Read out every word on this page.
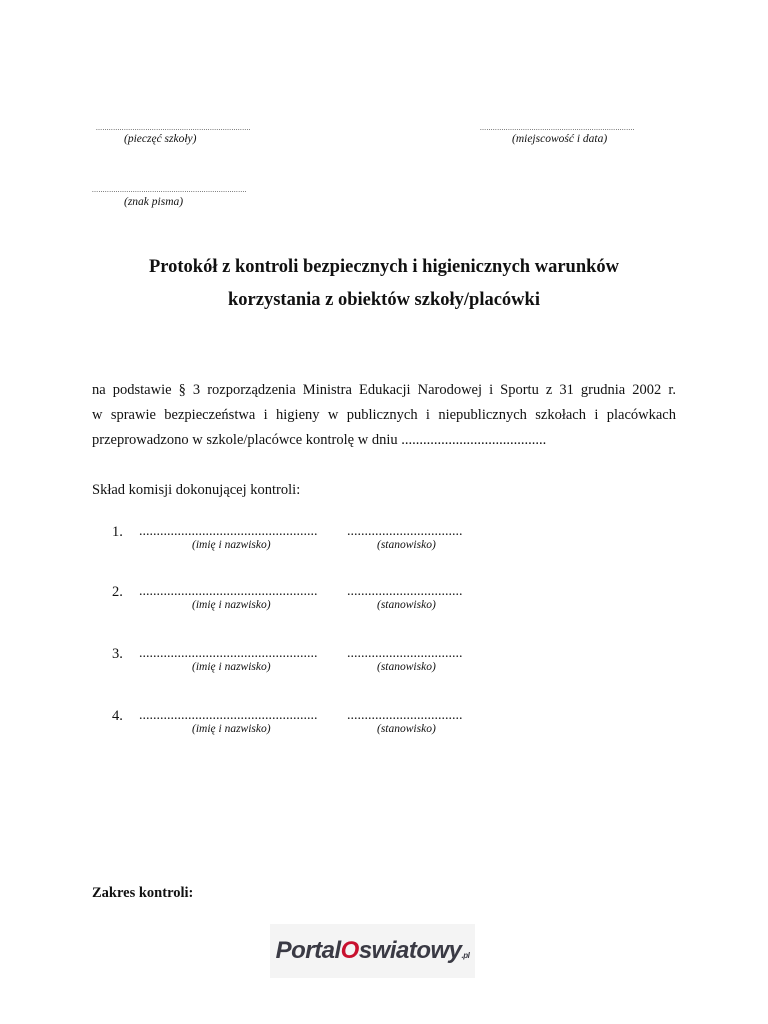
........................................................................
(pieczęć szkoły)
........................................................................
(miejscowość i data)
........................................................................
(znak pisma)
Protokół z kontroli bezpiecznych i higienicznych warunków
korzystania z obiektów szkoły/placówki
na podstawie § 3 rozporządzenia Ministra Edukacji Narodowej i Sportu z 31 grudnia 2002 r.
w sprawie bezpieczeństwa i higieny w publicznych i niepublicznych szkołach i placówkach
przeprowadzono w szkole/placówce kontrolę w dniu ........................................
Skład komisji dokonującej kontroli:
1. ................................................... .................................
(imię i nazwisko)	(stanowisko)
2. ................................................... .................................
(imię i nazwisko)	(stanowisko)
3. ................................................... .................................
(imię i nazwisko)	(stanowisko)
4. ................................................... .................................
(imię i nazwisko)	(stanowisko)
Zakres kontroli:
PortalOswiatowy.pl
